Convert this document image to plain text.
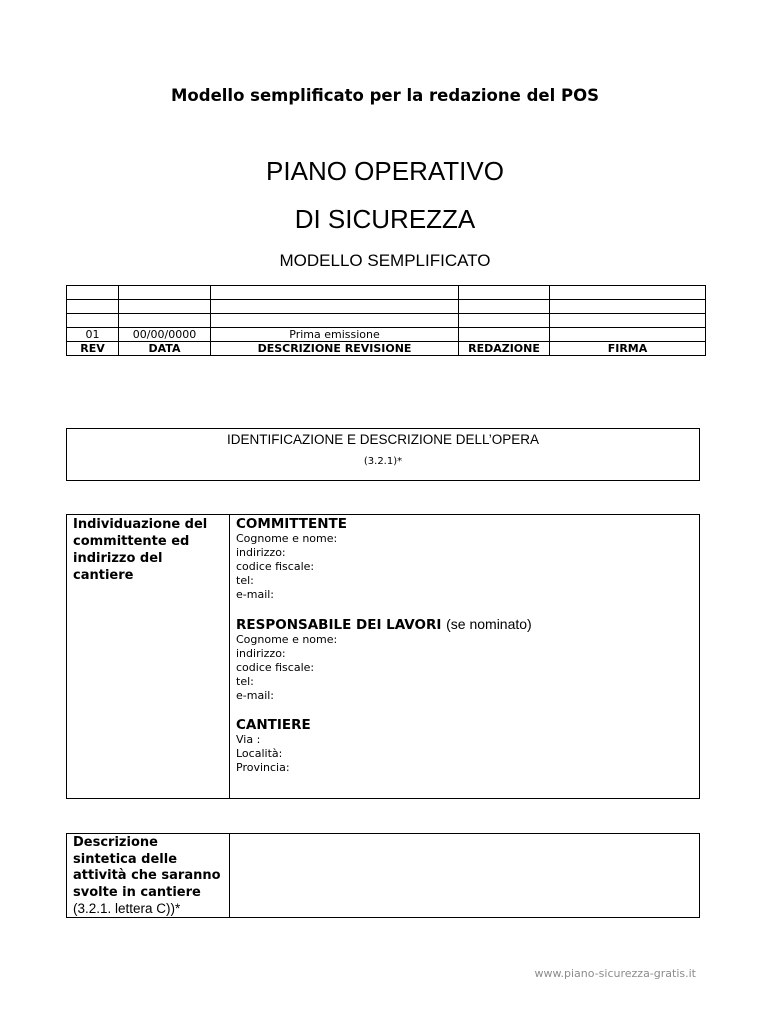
Modello semplificato per la redazione del POS
PIANO OPERATIVO
DI SICUREZZA
MODELLO SEMPLIFICATO

01	00/00/0000	Prima emissione		
REV	DATA	DESCRIZIONE REVISIONE	REDAZIONE	FIRMA
IDENTIFICAZIONE E DESCRIZIONE DELL’OPERA
(3.2.1)*
Individuazione del
committente ed
indirizzo del
cantiere
COMMITTENTE
Cognome e nome:
indirizzo:
codice fiscale:
tel:
e-mail:
RESPONSABILE DEI LAVORI (se nominato)
Cognome e nome:
indirizzo:
codice fiscale:
tel:
e-mail:
CANTIERE
Via :
Località:
Provincia:
Descrizione
sintetica delle
attività che saranno
svolte in cantiere
(3.2.1. lettera C))*
www.piano-sicurezza-gratis.it
